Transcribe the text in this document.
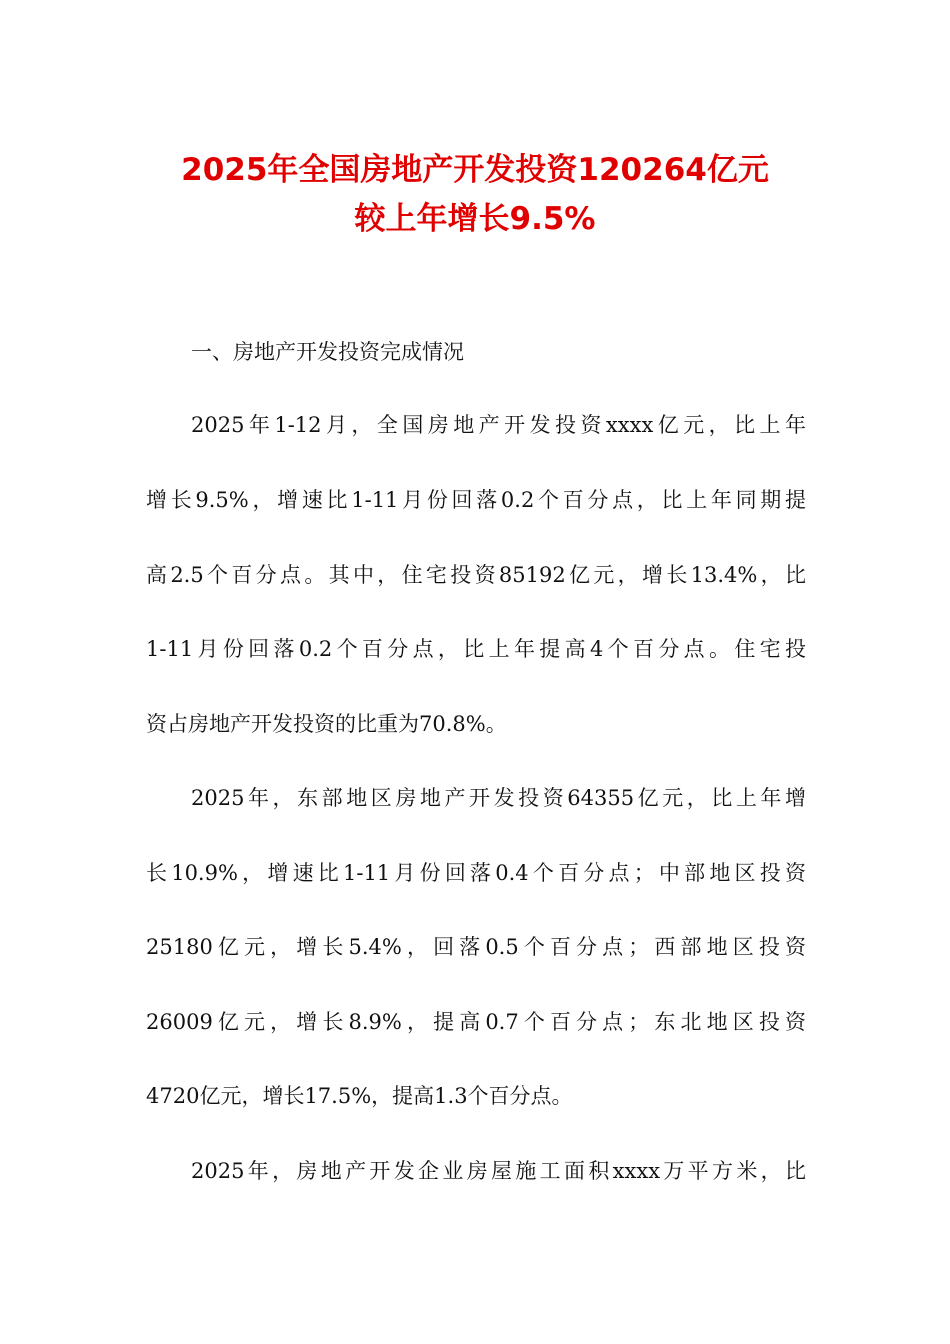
2025年全国房地产开发投资120264亿元
较上年增长9.5%
一、房地产开发投资完成情况
2025年1-12月，全国房地产开发投资xxxx亿元，比上年
增长9.5%，增速比1-11月份回落0.2个百分点，比上年同期提
高2.5个百分点。其中，住宅投资85192亿元，增长13.4%，比
1-11月份回落0.2个百分点，比上年提高4个百分点。住宅投
资占房地产开发投资的比重为70.8%。
2025年，东部地区房地产开发投资64355亿元，比上年增
长10.9%，增速比1-11月份回落0.4个百分点；中部地区投资
25180亿元，增长5.4%，回落0.5个百分点；西部地区投资
26009亿元，增长8.9%，提高0.7个百分点；东北地区投资
4720亿元，增长17.5%，提高1.3个百分点。
2025年，房地产开发企业房屋施工面积xxxx万平方米，比
